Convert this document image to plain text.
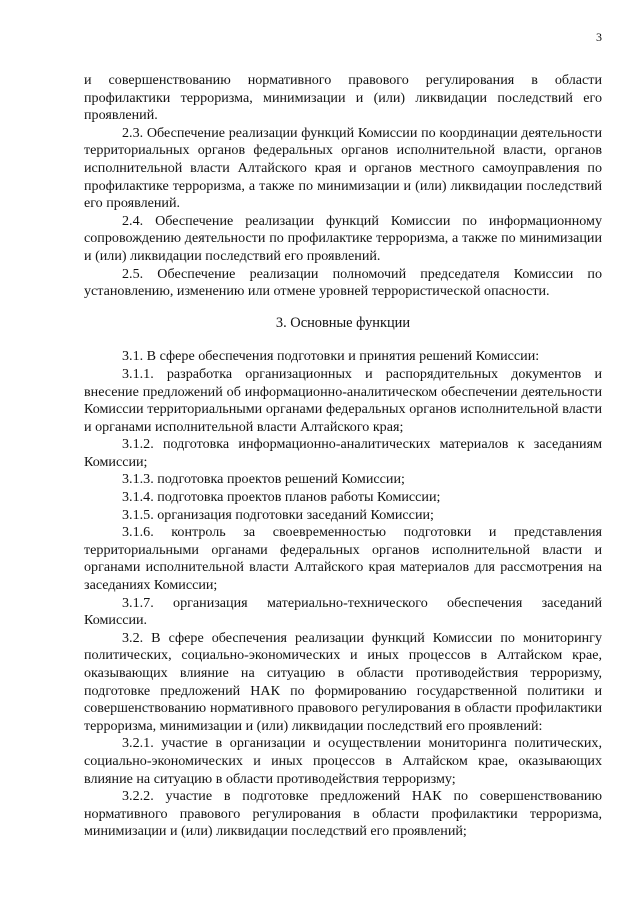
3

и совершенствованию нормативного правового регулирования в области профилактики терроризма, минимизации и (или) ликвидации последствий его проявлений.

2.3. Обеспечение реализации функций Комиссии по координации деятельности территориальных органов федеральных органов исполнительной власти, органов исполнительной власти Алтайского края и органов местного самоуправления по профилактике терроризма, а также по минимизации и (или) ликвидации последствий его проявлений.

2.4. Обеспечение реализации функций Комиссии по информационному сопровождению деятельности по профилактике терроризма, а также по минимизации и (или) ликвидации последствий его проявлений.

2.5. Обеспечение реализации полномочий председателя Комиссии по установлению, изменению или отмене уровней террористической опасности.

3. Основные функции

3.1. В сфере обеспечения подготовки и принятия решений Комиссии:

3.1.1. разработка организационных и распорядительных документов и внесение предложений об информационно-аналитическом обеспечении деятельности Комиссии территориальными органами федеральных органов исполнительной власти и органами исполнительной власти Алтайского края;

3.1.2. подготовка информационно-аналитических материалов к заседаниям Комиссии;

3.1.3. подготовка проектов решений Комиссии;

3.1.4. подготовка проектов планов работы Комиссии;

3.1.5. организация подготовки заседаний Комиссии;

3.1.6. контроль за своевременностью подготовки и представления территориальными органами федеральных органов исполнительной власти и органами исполнительной власти Алтайского края материалов для рассмотрения на заседаниях Комиссии;

3.1.7. организация материально-технического обеспечения заседаний Комиссии.

3.2. В сфере обеспечения реализации функций Комиссии по мониторингу политических, социально-экономических и иных процессов в Алтайском крае, оказывающих влияние на ситуацию в области противодействия терроризму, подготовке предложений НАК по формированию государственной политики и совершенствованию нормативного правового регулирования в области профилактики терроризма, минимизации и (или) ликвидации последствий его проявлений:

3.2.1. участие в организации и осуществлении мониторинга политических, социально-экономических и иных процессов в Алтайском крае, оказывающих влияние на ситуацию в области противодействия терроризму;

3.2.2. участие в подготовке предложений НАК по совершенствованию нормативного правового регулирования в области профилактики терроризма, минимизации и (или) ликвидации последствий его проявлений;
